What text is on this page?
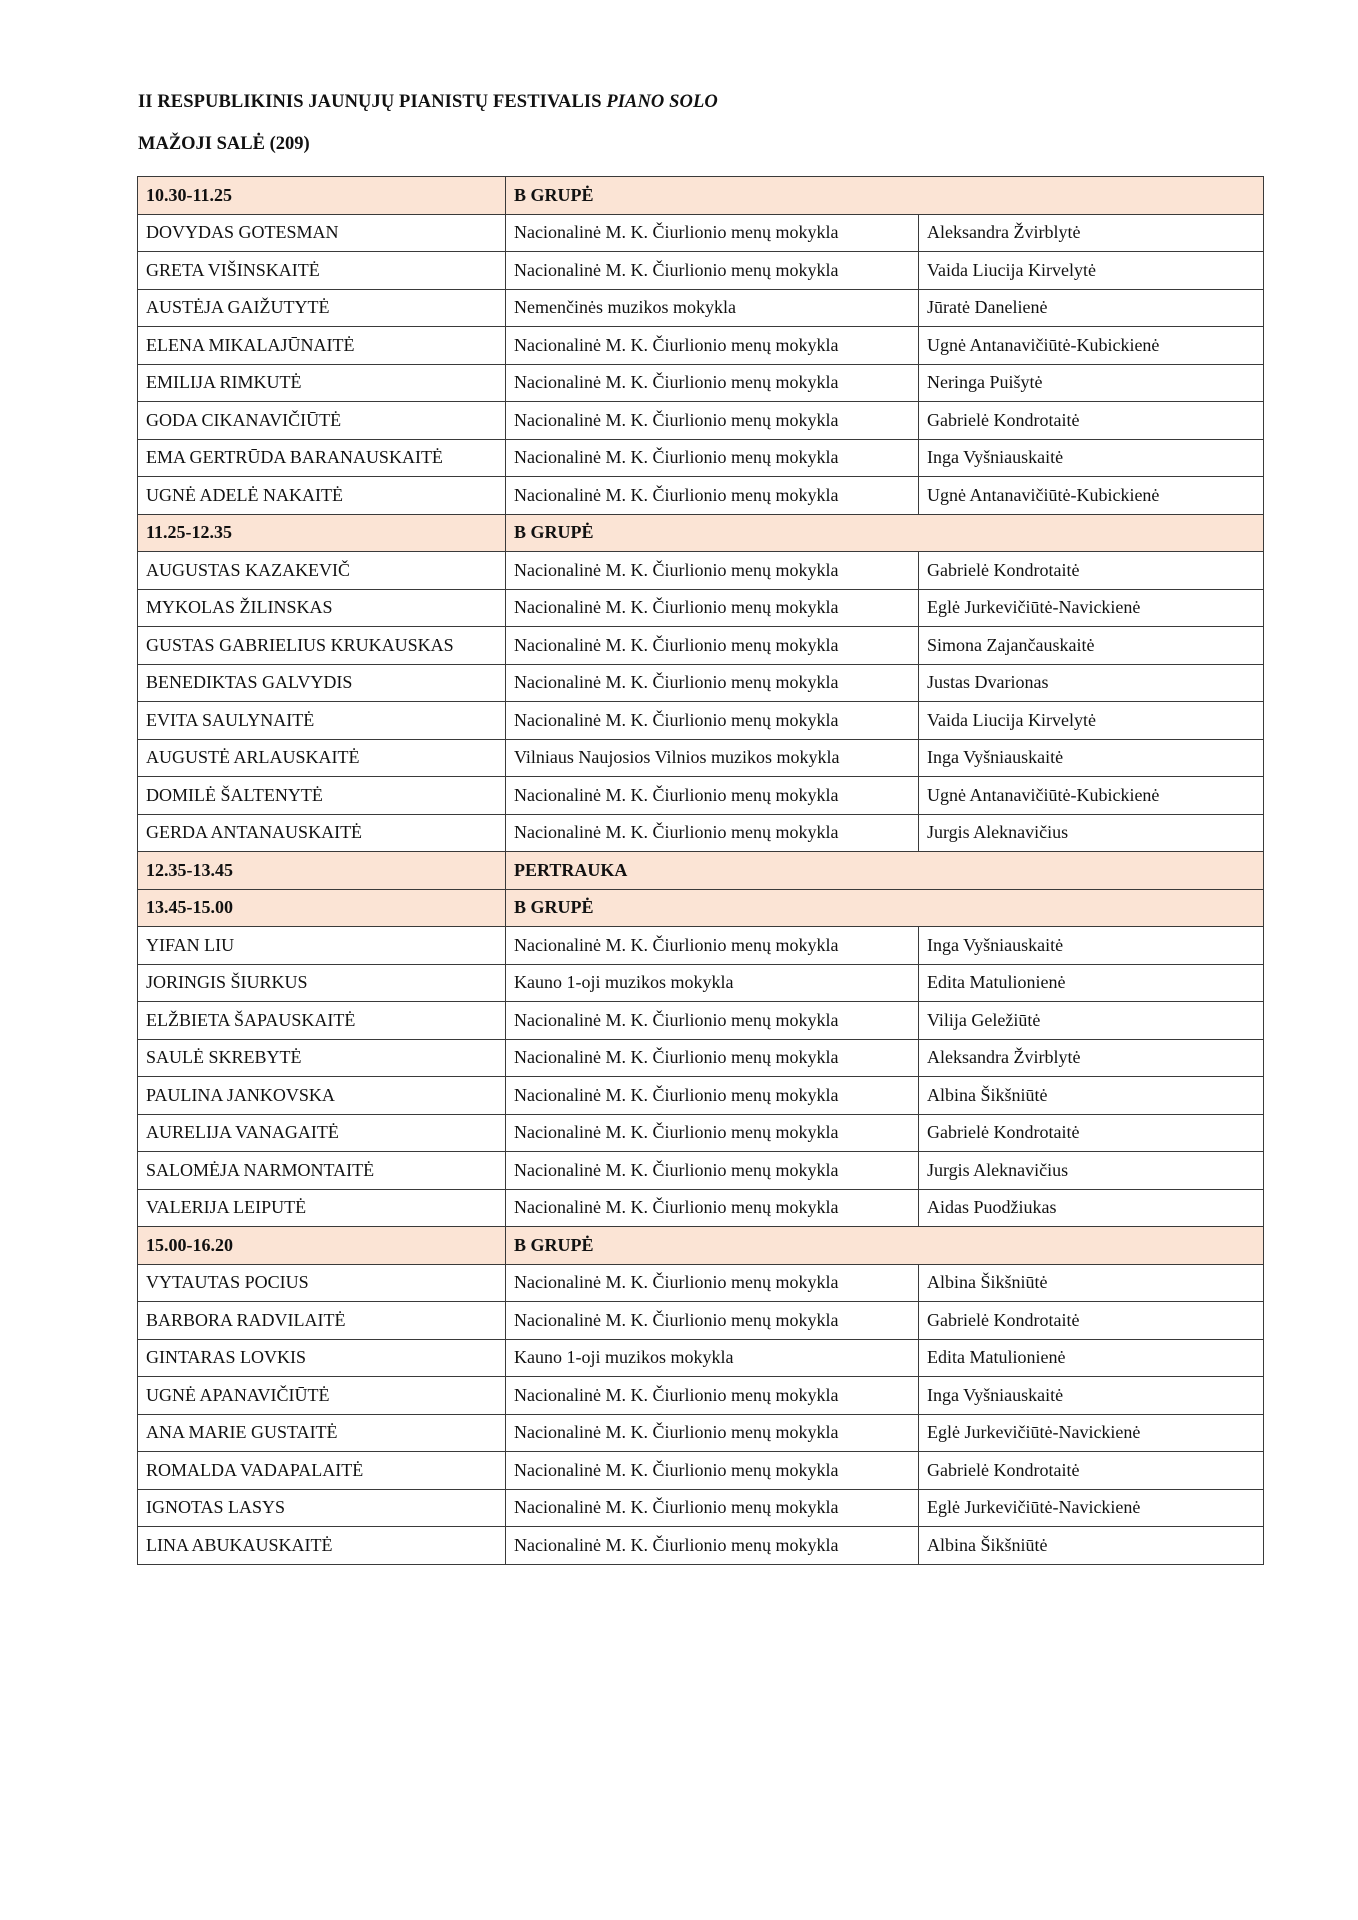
II RESPUBLIKINIS JAUNŲJŲ PIANISTŲ FESTIVALIS PIANO SOLO
MAŽOJI SALĖ (209)
10.30-11.25	B GRUPĖ	
DOVYDAS GOTESMAN	Nacionalinė M. K. Čiurlionio menų mokykla	Aleksandra Žvirblytė
GRETA VIŠINSKAITĖ	Nacionalinė M. K. Čiurlionio menų mokykla	Vaida Liucija Kirvelytė
AUSTĖJA GAIŽUTYTĖ	Nemenčinės muzikos mokykla	Jūratė Danelienė
ELENA MIKALAJŪNAITĖ	Nacionalinė M. K. Čiurlionio menų mokykla	Ugnė Antanavičiūtė-Kubickienė
EMILIJA RIMKUTĖ	Nacionalinė M. K. Čiurlionio menų mokykla	Neringa Puišytė
GODA CIKANAVIČIŪTĖ	Nacionalinė M. K. Čiurlionio menų mokykla	Gabrielė Kondrotaitė
EMA GERTRŪDA BARANAUSKAITĖ	Nacionalinė M. K. Čiurlionio menų mokykla	Inga Vyšniauskaitė
UGNĖ ADELĖ NAKAITĖ	Nacionalinė M. K. Čiurlionio menų mokykla	Ugnė Antanavičiūtė-Kubickienė
11.25-12.35	B GRUPĖ	
AUGUSTAS KAZAKEVIČ	Nacionalinė M. K. Čiurlionio menų mokykla	Gabrielė Kondrotaitė
MYKOLAS ŽILINSKAS	Nacionalinė M. K. Čiurlionio menų mokykla	Eglė Jurkevičiūtė-Navickienė
GUSTAS GABRIELIUS KRUKAUSKAS	Nacionalinė M. K. Čiurlionio menų mokykla	Simona Zajančauskaitė
BENEDIKTAS GALVYDIS	Nacionalinė M. K. Čiurlionio menų mokykla	Justas Dvarionas
EVITA SAULYNAITĖ	Nacionalinė M. K. Čiurlionio menų mokykla	Vaida Liucija Kirvelytė
AUGUSTĖ ARLAUSKAITĖ	Vilniaus Naujosios Vilnios muzikos mokykla	Inga Vyšniauskaitė
DOMILĖ ŠALTENYTĖ	Nacionalinė M. K. Čiurlionio menų mokykla	Ugnė Antanavičiūtė-Kubickienė
GERDA ANTANAUSKAITĖ	Nacionalinė M. K. Čiurlionio menų mokykla	Jurgis Aleknavičius
12.35-13.45	PERTRAUKA	
13.45-15.00	B GRUPĖ	
YIFAN LIU	Nacionalinė M. K. Čiurlionio menų mokykla	Inga Vyšniauskaitė
JORINGIS ŠIURKUS	Kauno 1-oji muzikos mokykla	Edita Matulionienė
ELŽBIETA ŠAPAUSKAITĖ	Nacionalinė M. K. Čiurlionio menų mokykla	Vilija Geležiūtė
SAULĖ SKREBYTĖ	Nacionalinė M. K. Čiurlionio menų mokykla	Aleksandra Žvirblytė
PAULINA JANKOVSKA	Nacionalinė M. K. Čiurlionio menų mokykla	Albina Šikšniūtė
AURELIJA VANAGAITĖ	Nacionalinė M. K. Čiurlionio menų mokykla	Gabrielė Kondrotaitė
SALOMĖJA NARMONTAITĖ	Nacionalinė M. K. Čiurlionio menų mokykla	Jurgis Aleknavičius
VALERIJA LEIPUTĖ	Nacionalinė M. K. Čiurlionio menų mokykla	Aidas Puodžiukas
15.00-16.20	B GRUPĖ	
VYTAUTAS POCIUS	Nacionalinė M. K. Čiurlionio menų mokykla	Albina Šikšniūtė
BARBORA RADVILAITĖ	Nacionalinė M. K. Čiurlionio menų mokykla	Gabrielė Kondrotaitė
GINTARAS LOVKIS	Kauno 1-oji muzikos mokykla	Edita Matulionienė
UGNĖ APANAVIČIŪTĖ	Nacionalinė M. K. Čiurlionio menų mokykla	Inga Vyšniauskaitė
ANA MARIE GUSTAITĖ	Nacionalinė M. K. Čiurlionio menų mokykla	Eglė Jurkevičiūtė-Navickienė
ROMALDA VADAPALAITĖ	Nacionalinė M. K. Čiurlionio menų mokykla	Gabrielė Kondrotaitė
IGNOTAS LASYS	Nacionalinė M. K. Čiurlionio menų mokykla	Eglė Jurkevičiūtė-Navickienė
LINA ABUKAUSKAITĖ	Nacionalinė M. K. Čiurlionio menų mokykla	Albina Šikšniūtė
